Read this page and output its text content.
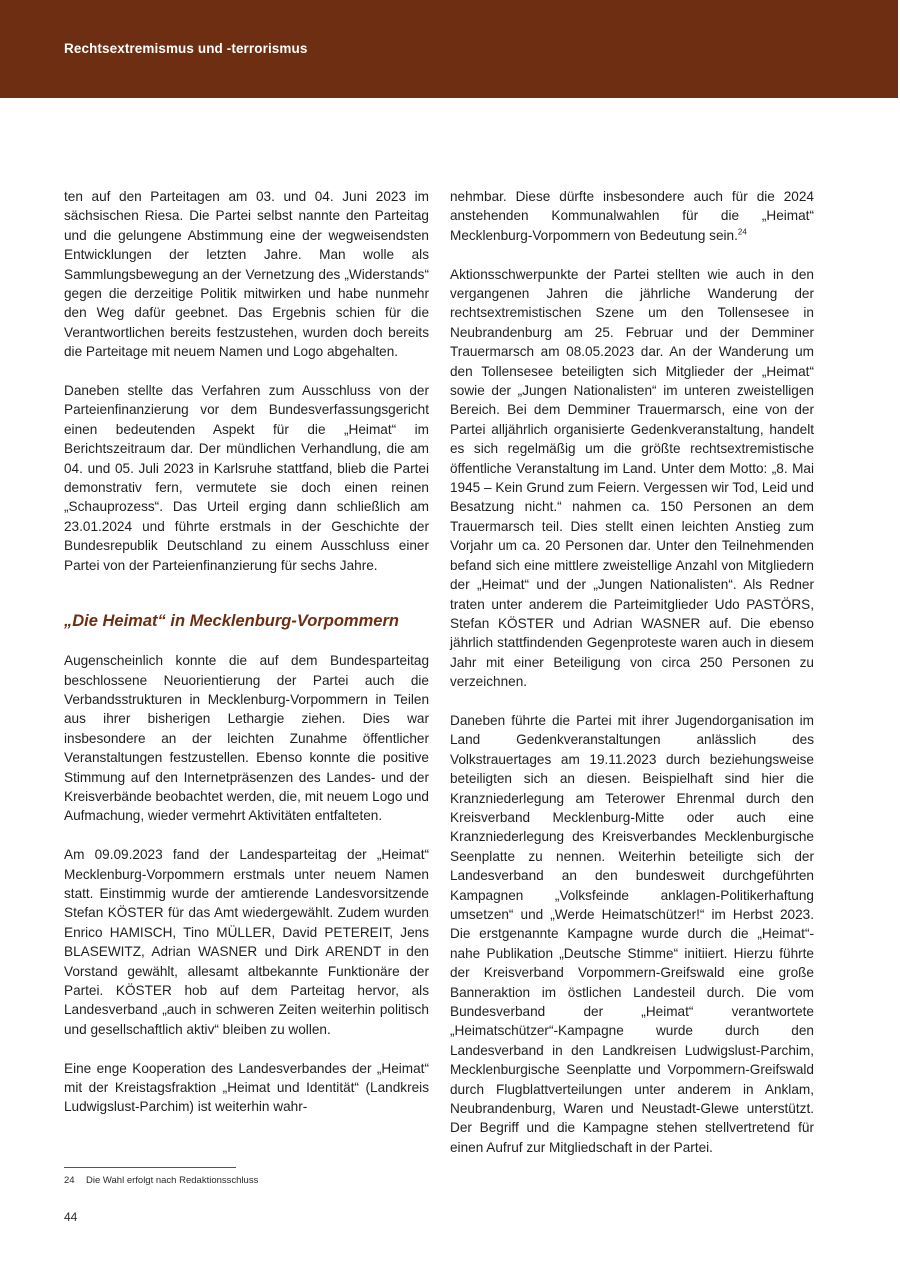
Rechtsextremismus und -terrorismus

ten auf den Parteitagen am 03. und 04. Juni 2023 im sächsischen Riesa. Die Partei selbst nannte den Parteitag und die gelungene Abstimmung eine der wegweisendsten Entwicklungen der letzten Jahre. Man wolle als Sammlungsbewegung an der Vernetzung des „Widerstands“ gegen die derzeitige Politik mitwirken und habe nunmehr den Weg dafür geebnet. Das Ergebnis schien für die Verantwortlichen bereits festzustehen, wurden doch bereits die Parteitage mit neuem Namen und Logo abgehalten.

Daneben stellte das Verfahren zum Ausschluss von der Parteienfinanzierung vor dem Bundesverfassungsgericht einen bedeutenden Aspekt für die „Heimat“ im Berichtszeitraum dar. Der mündlichen Verhandlung, die am 04. und 05. Juli 2023 in Karlsruhe stattfand, blieb die Partei demonstrativ fern, vermutete sie doch einen reinen „Schauprozess“. Das Urteil erging dann schließlich am 23.01.2024 und führte erstmals in der Geschichte der Bundesrepublik Deutschland zu einem Ausschluss einer Partei von der Parteienfinanzierung für sechs Jahre.

„Die Heimat“ in Mecklenburg-Vorpommern

Augenscheinlich konnte die auf dem Bundesparteitag beschlossene Neuorientierung der Partei auch die Verbandsstrukturen in Mecklenburg-Vorpommern in Teilen aus ihrer bisherigen Lethargie ziehen. Dies war insbesondere an der leichten Zunahme öffentlicher Veranstaltungen festzustellen. Ebenso konnte die positive Stimmung auf den Internetpräsenzen des Landes- und der Kreisverbände beobachtet werden, die, mit neuem Logo und Aufmachung, wieder vermehrt Aktivitäten entfalteten.

Am 09.09.2023 fand der Landesparteitag der „Heimat“ Mecklenburg-Vorpommern erstmals unter neuem Namen statt. Einstimmig wurde der amtierende Landesvorsitzende Stefan KÖSTER für das Amt wiedergewählt. Zudem wurden Enrico HAMISCH, Tino MÜLLER, David PETEREIT, Jens BLASEWITZ, Adrian WASNER und Dirk ARENDT in den Vorstand gewählt, allesamt altbekannte Funktionäre der Partei. KÖSTER hob auf dem Parteitag hervor, als Landesverband „auch in schweren Zeiten weiterhin politisch und gesellschaftlich aktiv“ bleiben zu wollen.

Eine enge Kooperation des Landesverbandes der „Heimat“ mit der Kreistagsfraktion „Heimat und Identität“ (Landkreis Ludwigslust-Parchim) ist weiterhin wahr-

nehmbar. Diese dürfte insbesondere auch für die 2024 anstehenden Kommunalwahlen für die „Heimat“ Mecklenburg-Vorpommern von Bedeutung sein.$^{24}$

Aktionsschwerpunkte der Partei stellten wie auch in den vergangenen Jahren die jährliche Wanderung der rechtsextremistischen Szene um den Tollensesee in Neubrandenburg am 25. Februar und der Demminer Trauermarsch am 08.05.2023 dar. An der Wanderung um den Tollensesee beteiligten sich Mitglieder der „Heimat“ sowie der „Jungen Nationalisten“ im unteren zweistelligen Bereich. Bei dem Demminer Trauermarsch, eine von der Partei alljährlich organisierte Gedenkveranstaltung, handelt es sich regelmäßig um die größte rechtsextremistische öffentliche Veranstaltung im Land. Unter dem Motto: „8. Mai 1945 – Kein Grund zum Feiern. Vergessen wir Tod, Leid und Besatzung nicht.“ nahmen ca. 150 Personen an dem Trauermarsch teil. Dies stellt einen leichten Anstieg zum Vorjahr um ca. 20 Personen dar. Unter den Teilnehmenden befand sich eine mittlere zweistellige Anzahl von Mitgliedern der „Heimat“ und der „Jungen Nationalisten“. Als Redner traten unter anderem die Parteimitglieder Udo PASTÖRS, Stefan KÖSTER und Adrian WASNER auf. Die ebenso jährlich stattfindenden Gegenproteste waren auch in diesem Jahr mit einer Beteiligung von circa 250 Personen zu verzeichnen.

Daneben führte die Partei mit ihrer Jugendorganisation im Land Gedenkveranstaltungen anlässlich des Volkstrauertages am 19.11.2023 durch beziehungsweise beteiligten sich an diesen. Beispielhaft sind hier die Kranzniederlegung am Teterower Ehrenmal durch den Kreisverband Mecklenburg-Mitte oder auch eine Kranzniederlegung des Kreisverbandes Mecklenburgische Seenplatte zu nennen. Weiterhin beteiligte sich der Landesverband an den bundesweit durchgeführten Kampagnen „Volksfeinde anklagen-Politikerhaftung umsetzen“ und „Werde Heimatschützer!“ im Herbst 2023. Die erstgenannte Kampagne wurde durch die „Heimat“-nahe Publikation „Deutsche Stimme“ initiiert. Hierzu führte der Kreisverband Vorpommern-Greifswald eine große Banneraktion im östlichen Landesteil durch. Die vom Bundesverband der „Heimat“ verantwortete „Heimatschützer“-Kampagne wurde durch den Landesverband in den Landkreisen Ludwigslust-Parchim, Mecklenburgische Seenplatte und Vorpommern-Greifswald durch Flugblattverteilungen unter anderem in Anklam, Neubrandenburg, Waren und Neustadt-Glewe unterstützt. Der Begriff und die Kampagne stehen stellvertretend für einen Aufruf zur Mitgliedschaft in der Partei.

24 Die Wahl erfolgt nach Redaktionsschluss
44
